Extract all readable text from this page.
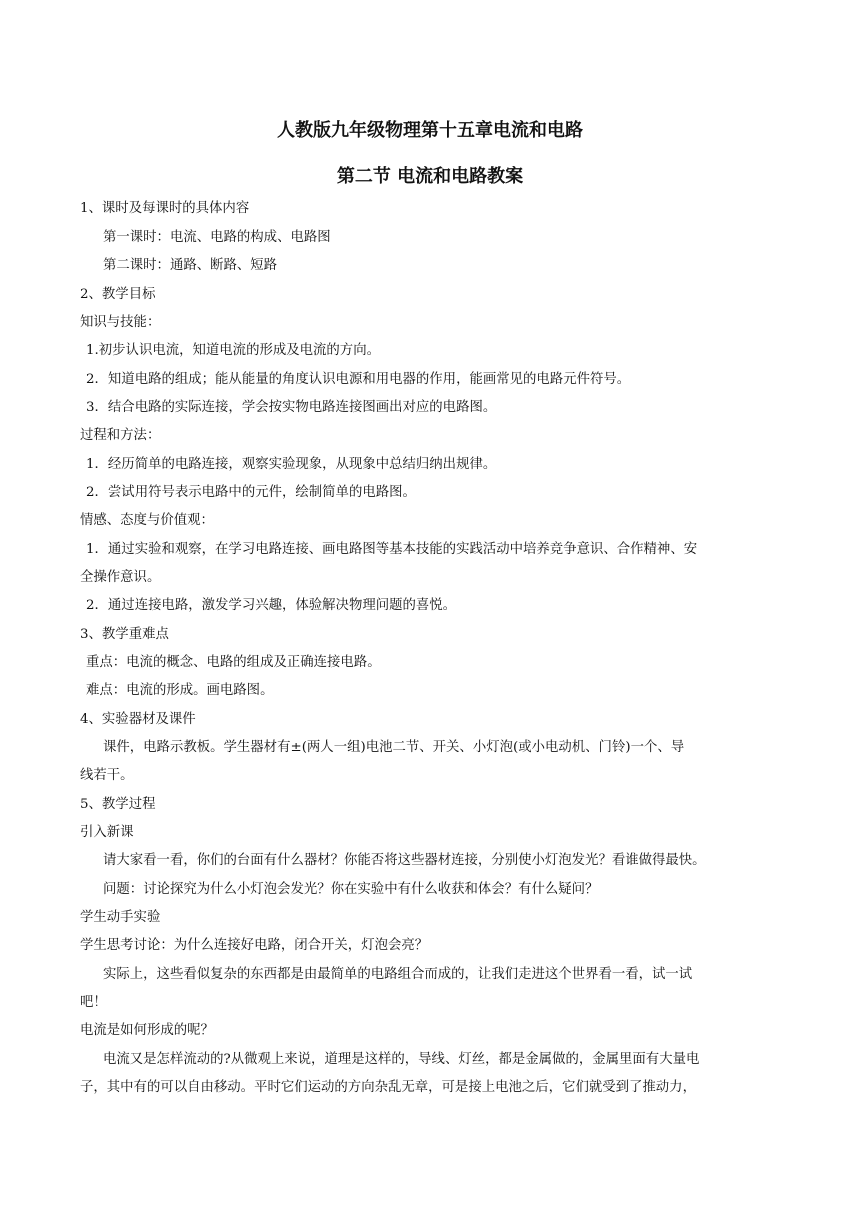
人教版九年级物理第十五章电流和电路
第二节 电流和电路教案
1、课时及每课时的具体内容
第一课时：电流、电路的构成、电路图
第二课时：通路、断路、短路
2、教学目标
知识与技能：
1.初步认识电流，知道电流的形成及电流的方向。
2．知道电路的组成；能从能量的角度认识电源和用电器的作用，能画常见的电路元件符号。
3．结合电路的实际连接，学会按实物电路连接图画出对应的电路图。
过程和方法：
1．经历简单的电路连接，观察实验现象，从现象中总结归纳出规律。
2．尝试用符号表示电路中的元件，绘制简单的电路图。
情感、态度与价值观：
1．通过实验和观察，在学习电路连接、画电路图等基本技能的实践活动中培养竞争意识、合作精神、安
全操作意识。
2．通过连接电路，激发学习兴趣，体验解决物理问题的喜悦。
3、教学重难点
重点：电流的概念、电路的组成及正确连接电路。
难点：电流的形成。画电路图。
4、实验器材及课件
课件，电路示教板。学生器材有±(两人一组)电池二节、开关、小灯泡(或小电动机、门铃)一个、导
线若干。
5、教学过程
引入新课
请大家看一看，你们的台面有什么器材？你能否将这些器材连接，分别使小灯泡发光？看谁做得最快。
问题：讨论探究为什么小灯泡会发光？你在实验中有什么收获和体会？有什么疑问？
学生动手实验
学生思考讨论：为什么连接好电路，闭合开关，灯泡会亮？
实际上，这些看似复杂的东西都是由最简单的电路组合而成的，让我们走进这个世界看一看，试一试
吧！
电流是如何形成的呢？
电流又是怎样流动的?从微观上来说，道理是这样的，导线、灯丝，都是金属做的，金属里面有大量电
子，其中有的可以自由移动。平时它们运动的方向杂乱无章，可是接上电池之后，它们就受到了推动力，
